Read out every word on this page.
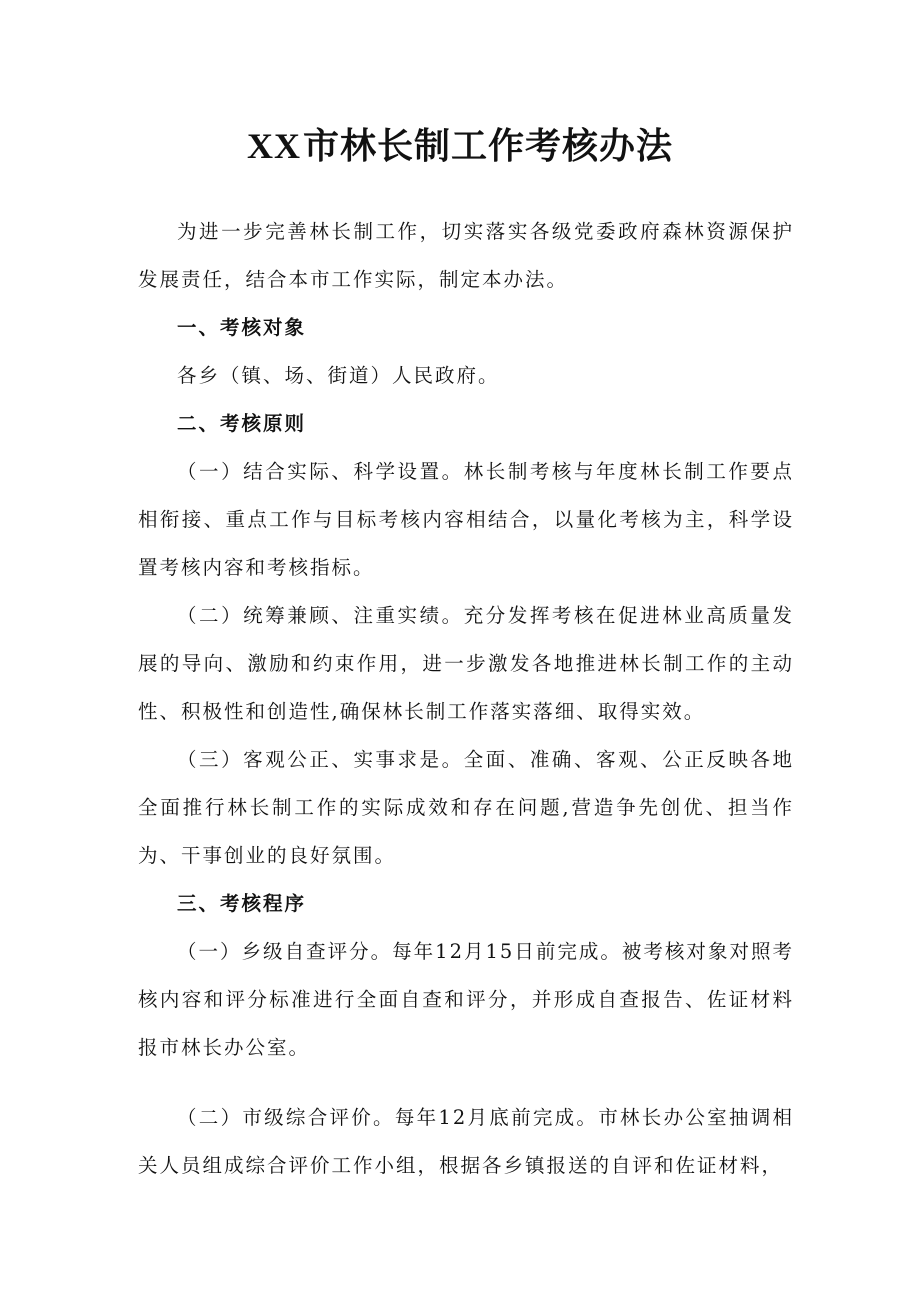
XX市林长制工作考核办法

为进一步完善林长制工作，切实落实各级党委政府森林资源保护发展责任，结合本市工作实际，制定本办法。

一、考核对象

各乡（镇、场、街道）人民政府。

二、考核原则

（一）结合实际、科学设置。林长制考核与年度林长制工作要点相衔接、重点工作与目标考核内容相结合，以量化考核为主，科学设置考核内容和考核指标。

（二）统筹兼顾、注重实绩。充分发挥考核在促进林业高质量发展的导向、激励和约束作用，进一步激发各地推进林长制工作的主动性、积极性和创造性,确保林长制工作落实落细、取得实效。

（三）客观公正、实事求是。全面、准确、客观、公正反映各地全面推行林长制工作的实际成效和存在问题,营造争先创优、担当作为、干事创业的良好氛围。

三、考核程序

（一）乡级自查评分。每年12月15日前完成。被考核对象对照考核内容和评分标准进行全面自查和评分，并形成自查报告、佐证材料报市林长办公室。

（二）市级综合评价。每年12月底前完成。市林长办公室抽调相关人员组成综合评价工作小组，根据各乡镇报送的自评和佐证材料，
